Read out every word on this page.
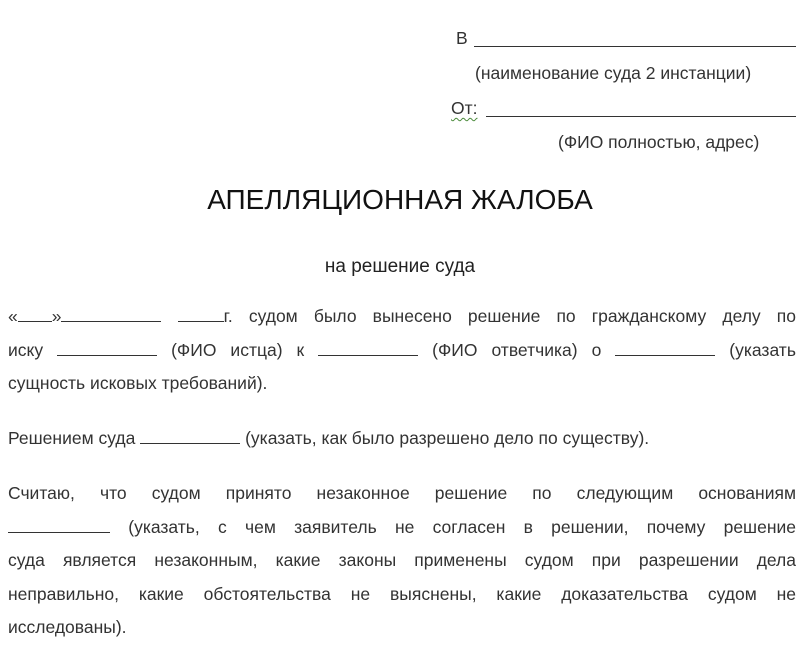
В
(наименование суда 2 инстанции)
От:
(ФИО полностью, адрес)
АПЕЛЛЯЦИОННАЯ ЖАЛОБА
на решение суда
« »	г. судом было вынесено решение по гражданскому делу по
иску	(ФИО истца) к	(ФИО ответчика) о	(указать
сущность исковых требований).
Решением суда	(указать, как было разрешено дело по существу).
Считаю, что судом принято незаконное решение по следующим основаниям
(указать, с чем заявитель не согласен в решении, почему решение
суда является незаконным, какие законы применены судом при разрешении дела
неправильно, какие обстоятельства не выяснены, какие доказательства судом не
исследованы).
